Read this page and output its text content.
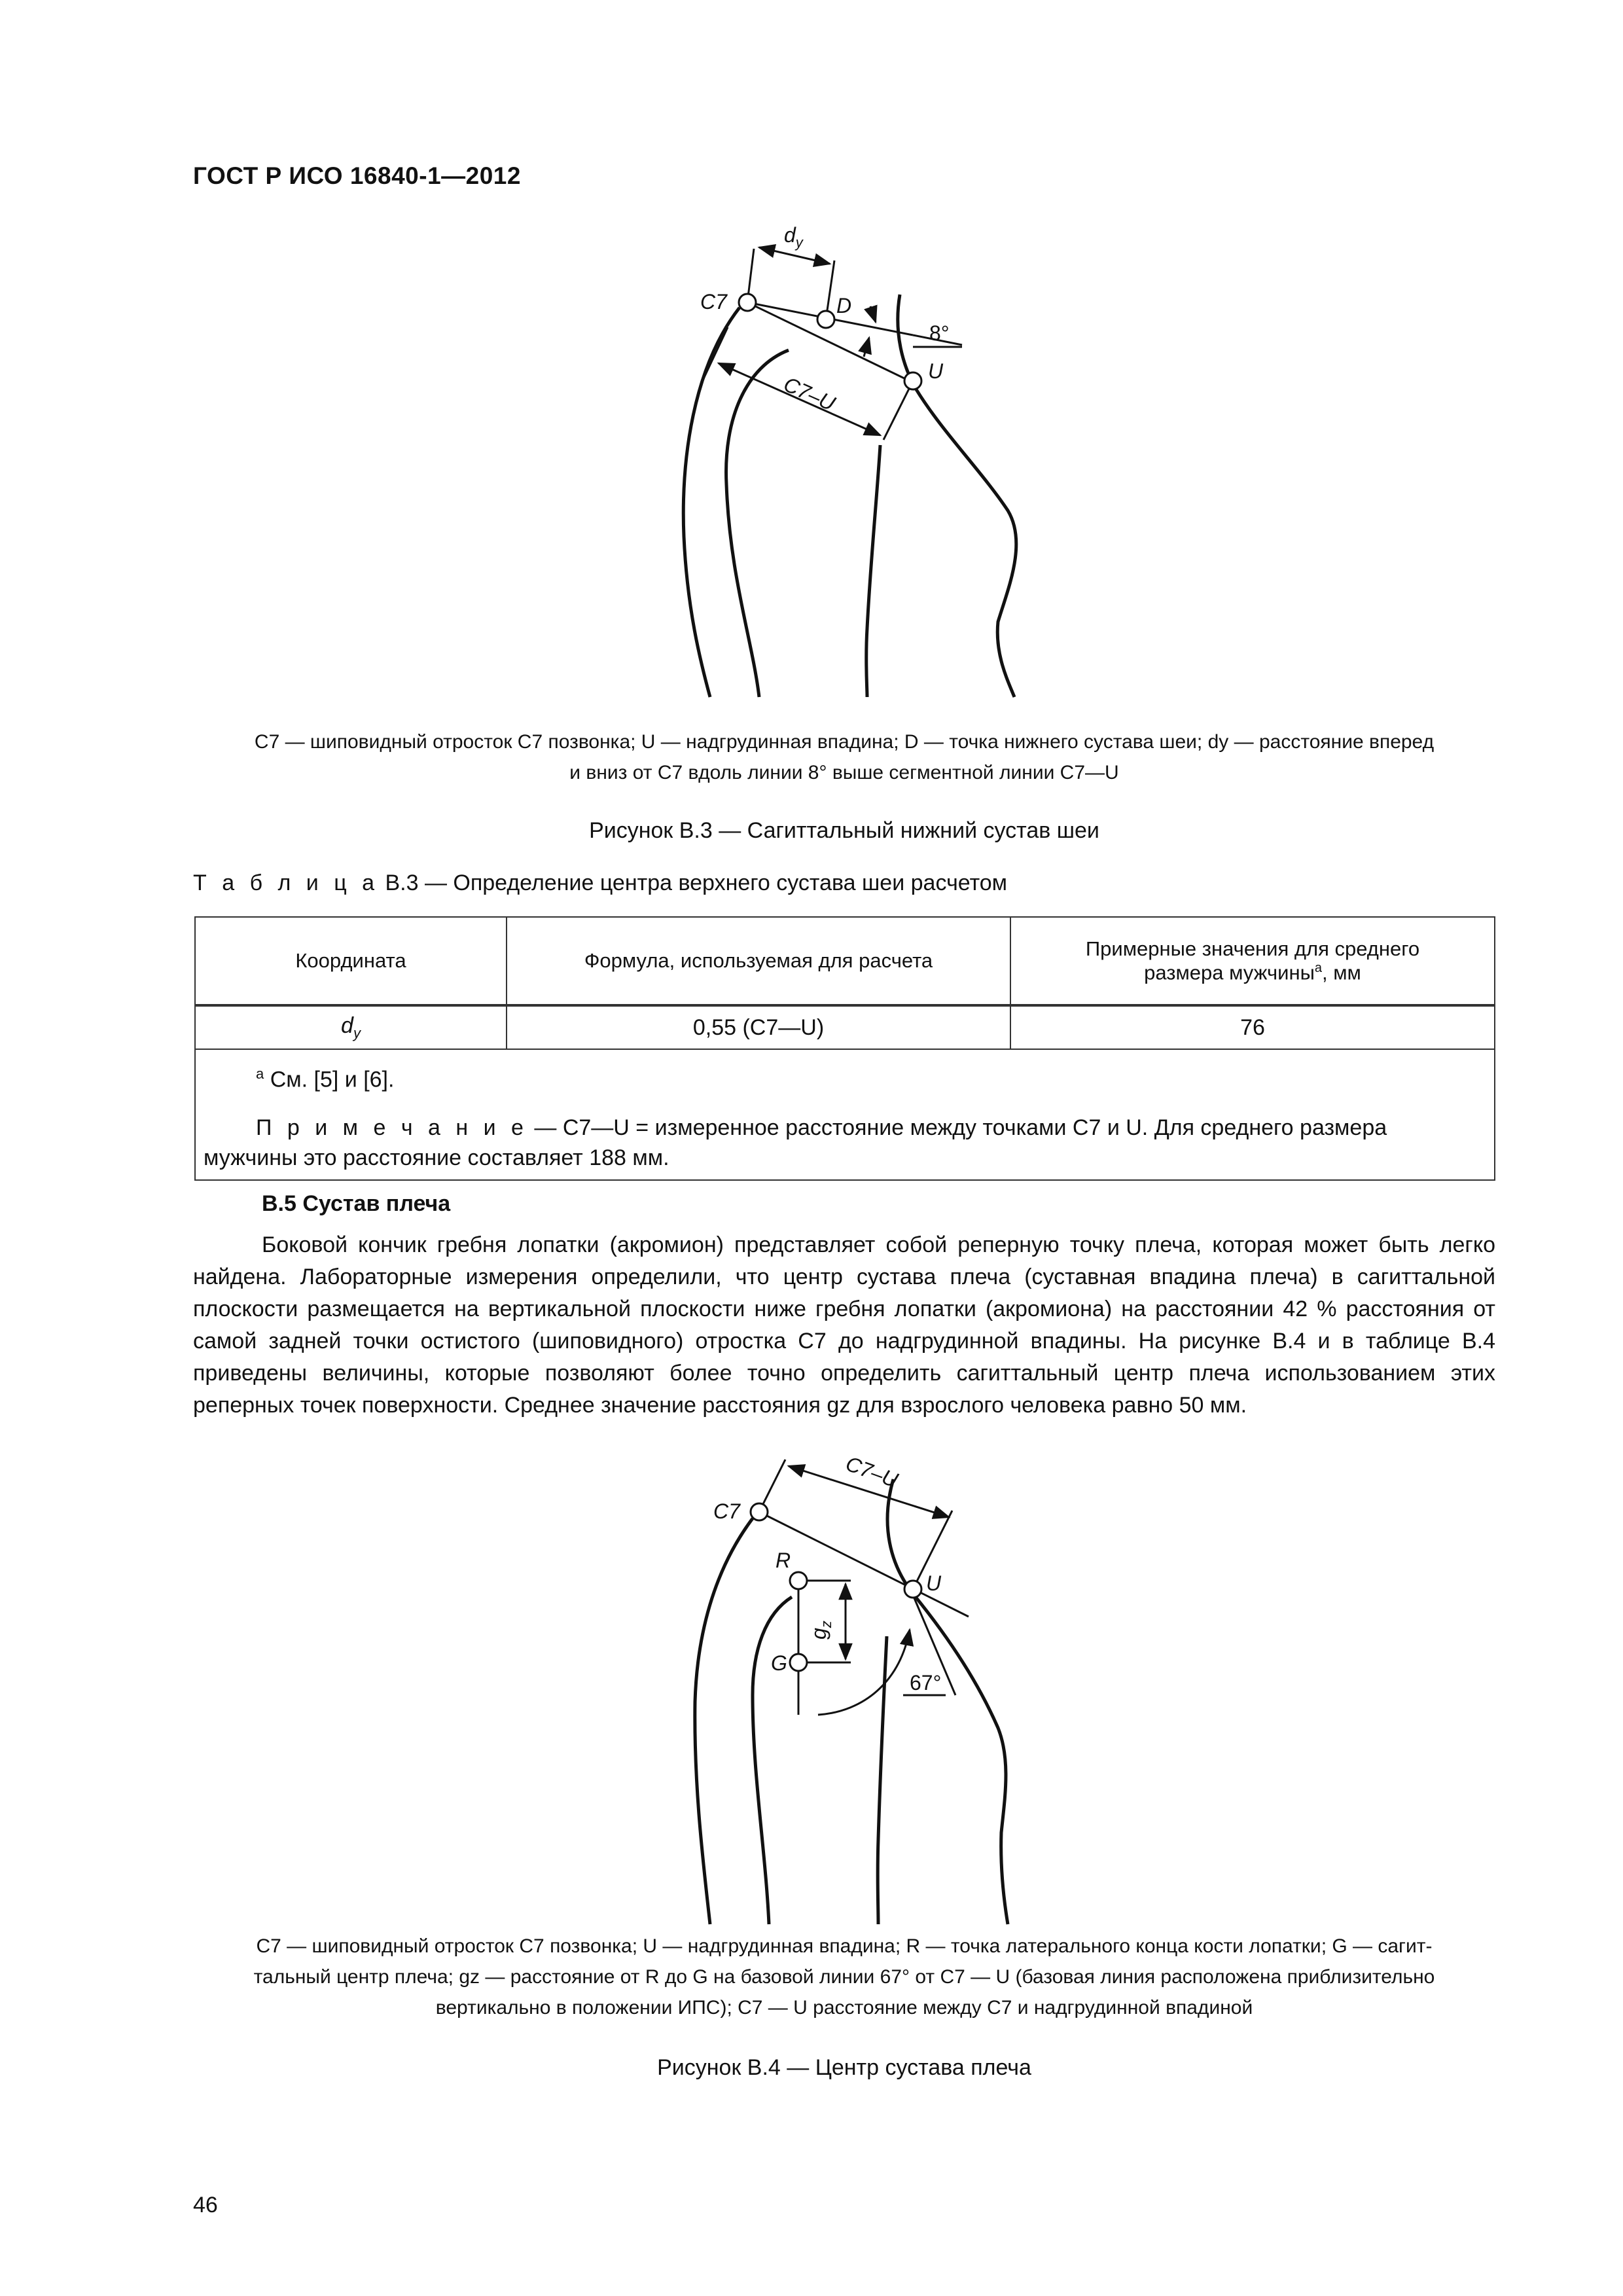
ГОСТ Р ИСО 16840-1—2012
$d_y$
C7	D
8°
U
C7–U
C7 — шиповидный отросток C7 позвонка; U — надгрудинная впадина; D — точка нижнего сустава шеи; dy — расстояние вперед
и вниз от C7 вдоль линии 8° выше сегментной линии C7—U
Рисунок В.3 — Сагиттальный нижний сустав шеи
Т а б л и ц а В.3 — Определение центра верхнего сустава шеи расчетом
Координата	Формула, используемая для расчета	Примерные значения для среднего
размера мужчины$^а$, мм

$d_y$	0,55 (C7—U)	76

$^а$ См. [5] и [6].
П р и м е ч а н и е — C7—U = измеренное расстояние между точками C7 и U. Для среднего размера мужчины это расстояние составляет 188 мм.		
В.5 Сустав плеча
Боковой кончик гребня лопатки (акромион) представляет собой реперную точку плеча, которая может быть легко найдена. Лабораторные измерения определили, что центр сустава плеча (суставная впадина плеча) в сагиттальной плоскости размещается на вертикальной плоскости ниже гребня лопатки (акромиона) на расстоянии 42 % расстояния от самой задней точки остистого (шиповидного) отростка C7 до надгрудинной впадины. На рисунке В.4 и в таблице В.4 приведены величины, которые позволяют более точно определить сагиттальный центр плеча использованием этих реперных точек поверхности. Среднее значение расстояния gz для взрослого человека равно 50 мм.
C7–U
C7
U
R
$g_z$
G
67°
C7 — шиповидный отросток C7 позвонка; U — надгрудинная впадина; R — точка латерального конца кости лопатки; G — сагит-
тальный центр плеча; gz — расстояние от R до G на базовой линии 67° от C7 — U (базовая линия расположена приблизительно
вертикально в положении ИПС); C7 — U расстояние между C7 и надгрудинной впадиной
Рисунок В.4 — Центр сустава плеча
46
